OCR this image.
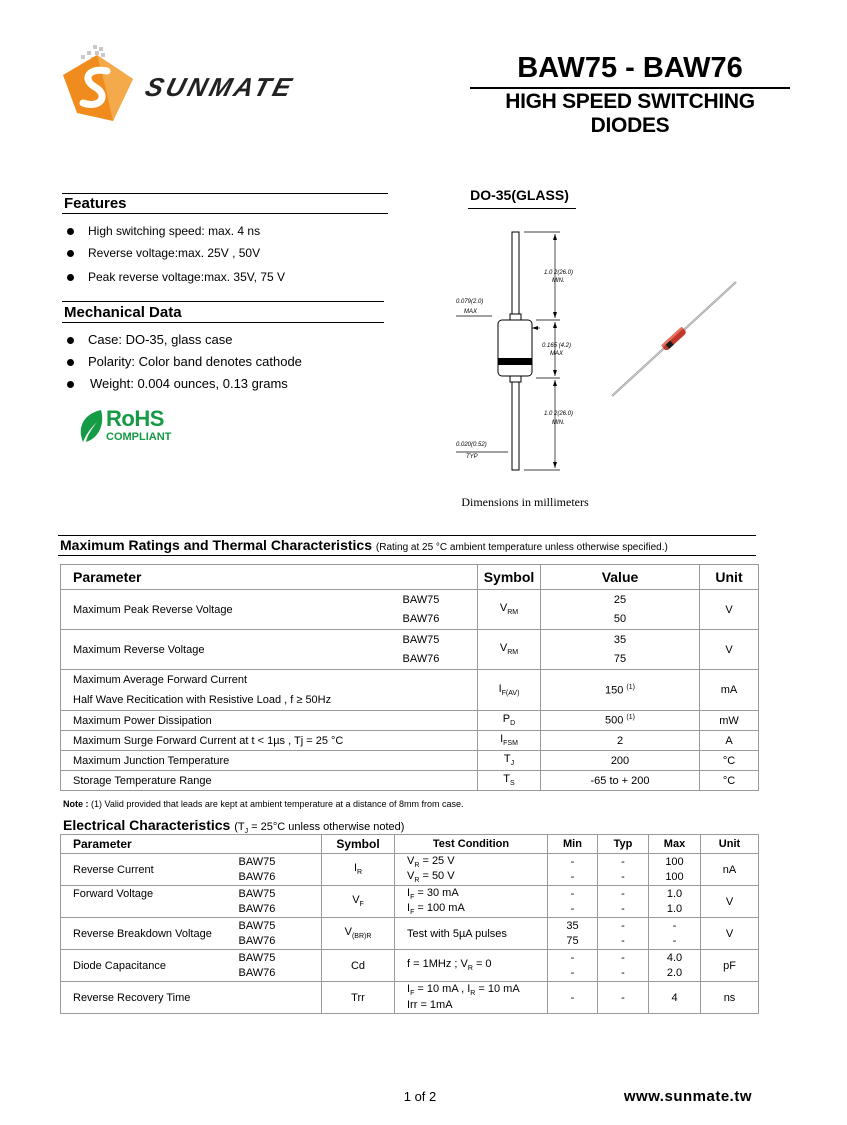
SUNMATE
BAW75 - BAW76
HIGH SPEED SWITCHING DIODES
Features
High switching speed: max. 4 ns
Reverse voltage:max. 25V , 50V
Peak reverse voltage:max. 35V, 75 V
Mechanical Data
Case: DO-35, glass case
Polarity: Color band denotes cathode
Weight: 0.004 ounces, 0.13 grams
RoHS
COMPLIANT
DO-35(GLASS)
1.0 2(26.0)
MIN.
0.079(2.0)
MAX
0.165 (4.2)
MAX
1.0 2(26.0)
MIN.
0.020(0.52)
TYP
Dimensions in millimeters
Maximum Ratings and Thermal Characteristics (Rating at 25 °C ambient temperature unless otherwise specified.)
Parameter		Symbol	Value	Unit
Maximum Peak Reverse Voltage	BAW75	$V_{RM}$	25	V
	BAW76		50	
Maximum Reverse Voltage	BAW75	$V_{RM}$	35	V
	BAW76		75	

Maximum Average Forward Current
Half Wave Recitication with Resistive Load , f ≥ 50Hz		$I_{F(AV)}$	150 $^{(1)}$	mA
Maximum Power Dissipation		$P_D$	500 $^{(1)}$	mW
Maximum Surge Forward Current at t < 1µs , Tj = 25 °C		$I_{FSM}$	2	A
Maximum Junction Temperature		$T_J$	200	°C
Storage Temperature Range		$T_S$	-65 to + 200	°C
Note : (1) Valid provided that leads are kept at ambient temperature at a distance of 8mm from case.
Electrical Characteristics ($T_J = 25^\circ C$ unless otherwise noted)
Parameter		Symbol	Test Condition	Min	Typ	Max	Unit
Reverse Current	BAW75	$I_R$	$V_R = 25$ V	-	-	100	nA
	BAW76		$V_R = 50$ V	-	-	100	
Forward Voltage	BAW75	$V_F$	$I_F = 30$ mA	-	-	1.0	V
	BAW76		$I_F = 100$ mA	-	-	1.0	
Reverse Breakdown Voltage	BAW75	$V_{(BR)R}$	Test with 5µA pulses	35	-	-	V
	BAW76			75	-	-	
Diode Capacitance	BAW75	Cd	f = 1MHz ; $V_R = 0$	-	-	4.0	pF
	BAW76			-	-	2.0	
Reverse Recovery Time		Trr	$I_F = 10$ mA , $I_R = 10$ mA	-	-	4	ns
			Irr = 1mA				
1 of 2	www.sunmate.tw
